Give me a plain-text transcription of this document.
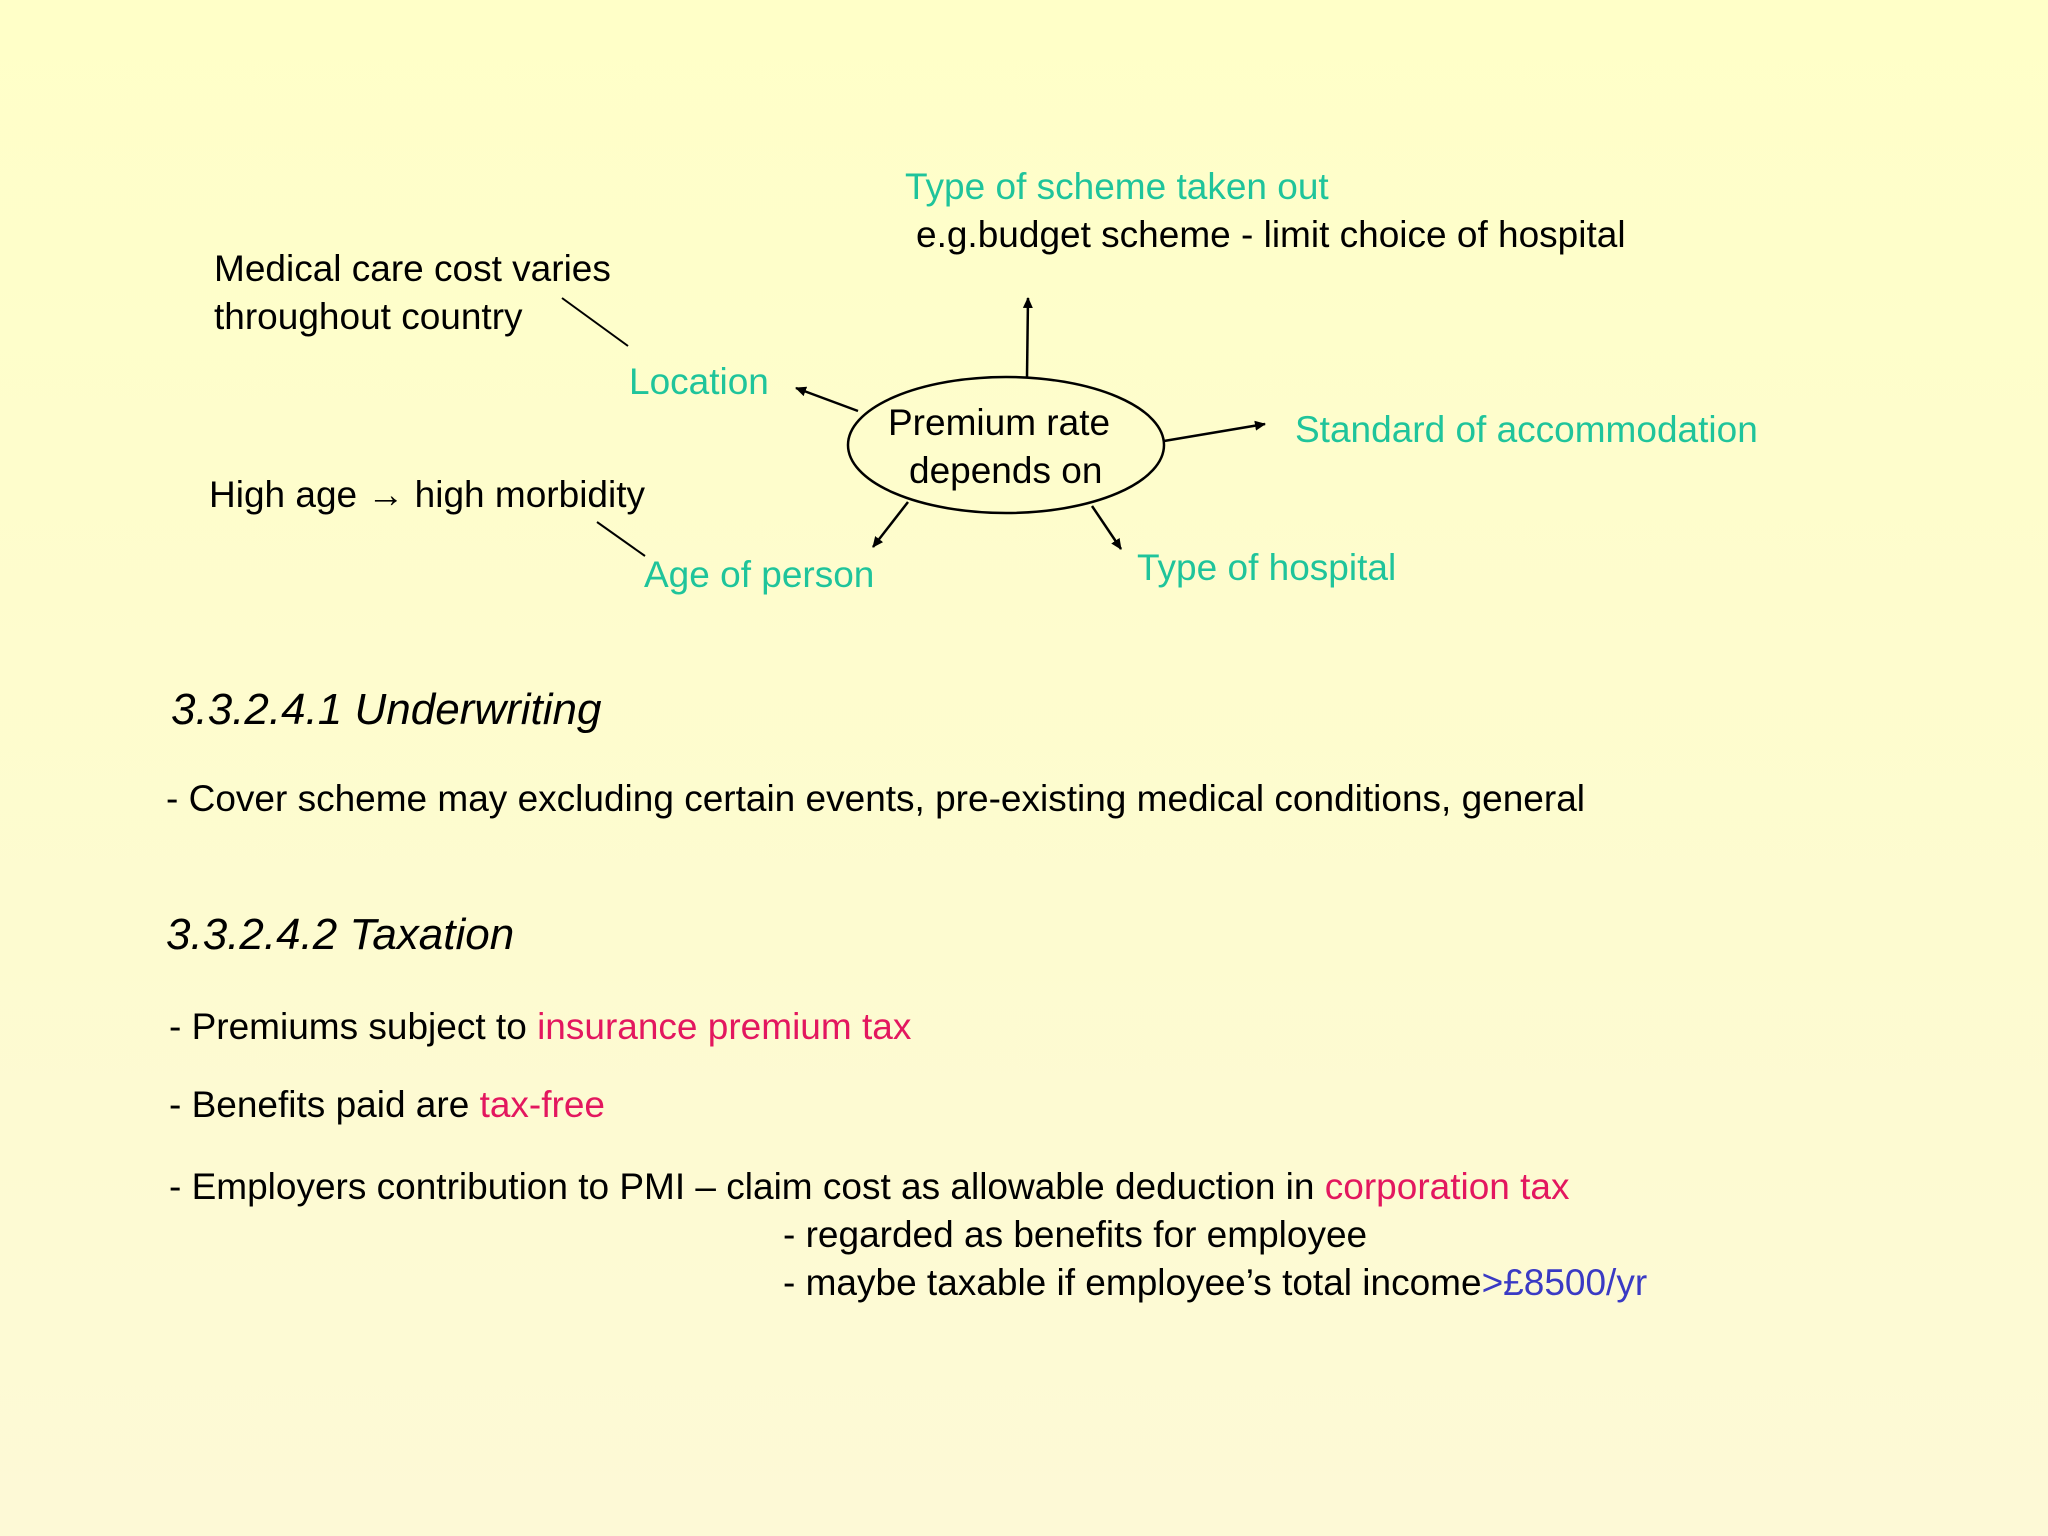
Type of scheme taken out
e.g.budget scheme - limit choice of hospital
Medical care cost varies
throughout country
Location
Premium rate
depends on
Standard of accommodation
High age → high morbidity
Age of person	Type of hospital
3.3.2.4.1 Underwriting
- Cover scheme may excluding certain events, pre-existing medical conditions, general
3.3.2.4.2 Taxation
- Premiums subject to insurance premium tax
- Benefits paid are tax-free
- Employers contribution to PMI – claim cost as allowable deduction in corporation tax
- regarded as benefits for employee
- maybe taxable if employee’s total income>£8500/yr
